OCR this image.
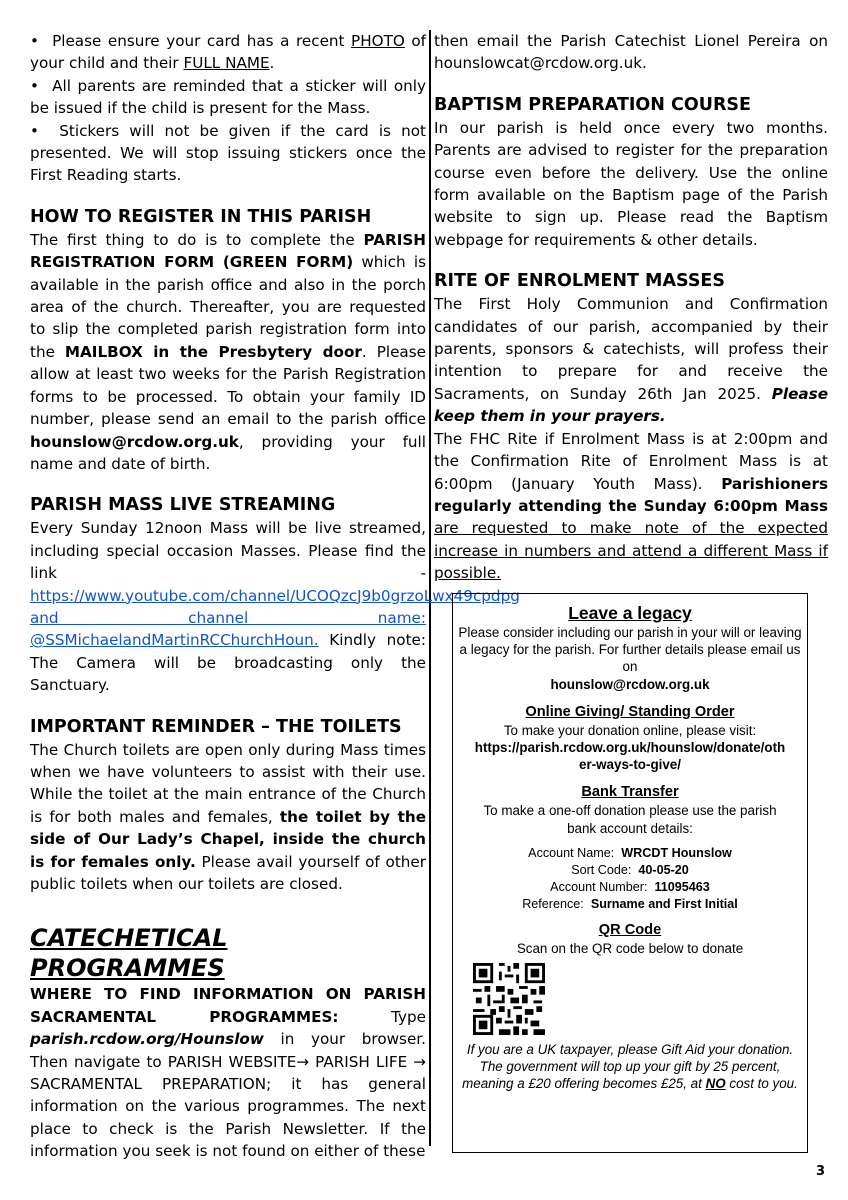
•  Please ensure your card has a recent PHOTO of your child and their FULL NAME.

•  All parents are reminded that a sticker will only be issued if the child is present for the Mass.

•  Stickers will not be given if the card is not presented. We will stop issuing stickers once the First Reading starts.

HOW TO REGISTER IN THIS PARISH

The first thing to do is to complete the PARISH REGISTRATION FORM (GREEN FORM) which is available in the parish office and also in the porch area of the church. Thereafter, you are requested to slip the completed parish registration form into the MAILBOX in the Presbytery door. Please allow at least two weeks for the Parish Registration forms to be processed. To obtain your family ID number, please send an email to the parish office hounslow@rcdow.org.uk, providing your full name and date of birth.

PARISH MASS LIVE STREAMING

Every Sunday 12noon Mass will be live streamed, including special occasion Masses. Please find the link - https://www.youtube.com/channel/UCOQzcJ9b0grzoLwx49cpdpg and channel name: @SSMichaelandMartinRCChurchHoun. Kindly note: The Camera will be broadcasting only the Sanctuary.

IMPORTANT REMINDER – THE TOILETS

The Church toilets are open only during Mass times when we have volunteers to assist with their use. While the toilet at the main entrance of the Church is for both males and females, the toilet by the side of Our Lady’s Chapel, inside the church is for females only. Please avail yourself of other public toilets when our toilets are closed.

CATECHETICAL PROGRAMMES

WHERE TO FIND INFORMATION ON PARISH SACRAMENTAL PROGRAMMES: Type parish.rcdow.org/Hounslow in your browser. Then navigate to PARISH WEBSITE→ PARISH LIFE → SACRAMENTAL PREPARATION; it has general information on the various programmes. The next place to check is the Parish Newsletter. If the information you seek is not found on either of these

then email the Parish Catechist Lionel Pereira on hounslowcat@rcdow.org.uk.

BAPTISM PREPARATION COURSE

In our parish is held once every two months. Parents are advised to register for the preparation course even before the delivery. Use the online form available on the Baptism page of the Parish website to sign up. Please read the Baptism webpage for requirements & other details.

RITE OF ENROLMENT MASSES

The First Holy Communion and Confirmation candidates of our parish, accompanied by their parents, sponsors & catechists, will profess their intention to prepare for and receive the Sacraments, on Sunday 26th Jan 2025. Please keep them in your prayers.

The FHC Rite if Enrolment Mass is at 2:00pm and the Confirmation Rite of Enrolment Mass is at 6:00pm (January Youth Mass). Parishioners regularly attending the Sunday 6:00pm Mass are requested to make note of the expected increase in numbers and attend a different Mass if possible.

Leave a legacy
Please consider including our parish in your will or leaving a legacy for the parish. For further details please email us on
hounslow@rcdow.org.uk
Online Giving/ Standing Order
To make your donation online, please visit:
https://parish.rcdow.org.uk/hounslow/donate/other-ways-to-give/
Bank Transfer
To make a one-off donation please use the parish bank account details:
Account Name: WRCDT Hounslow
Sort Code: 40-05-20
Account Number: 11095463
Reference: Surname and First Initial
QR Code
Scan on the QR code below to donate
If you are a UK taxpayer, please Gift Aid your donation. The government will top up your gift by 25 percent, meaning a £20 offering becomes £25, at NO cost to you.
3
